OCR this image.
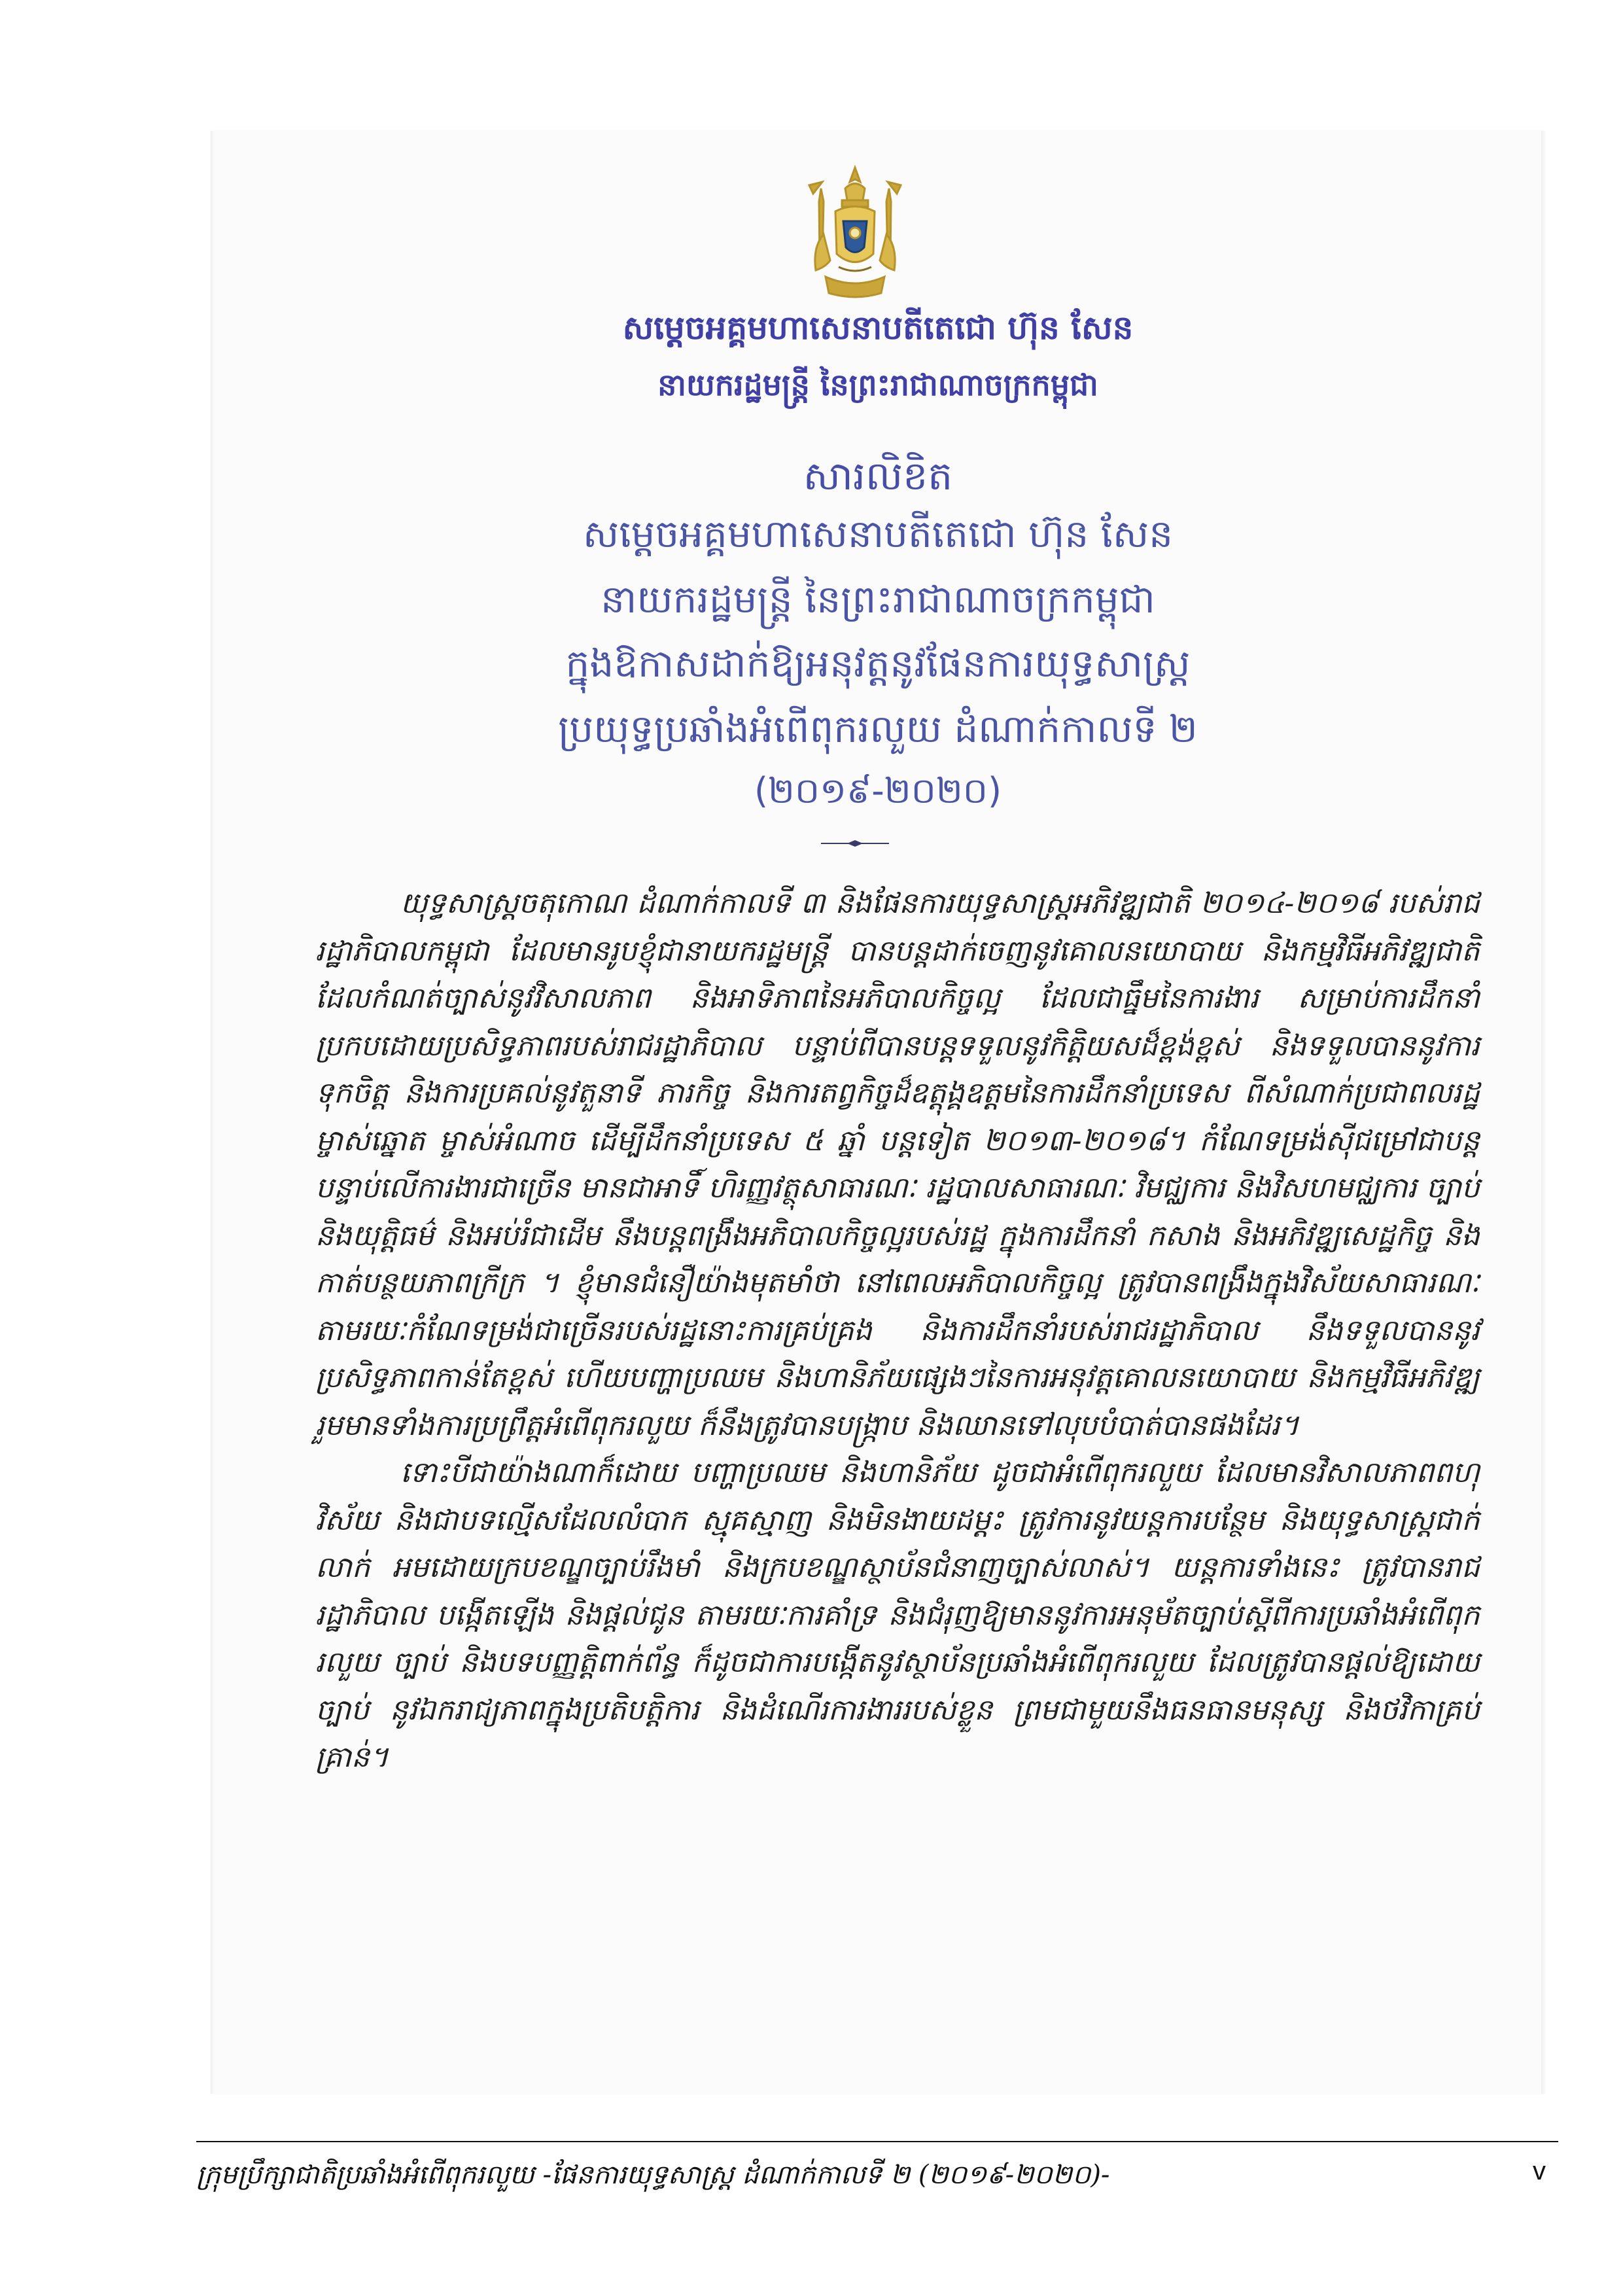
សម្តេចអគ្គមហាសេនាបតីតេជោ ហ៊ុន សែន
នាយករដ្ឋមន្ត្រី នៃព្រះរាជាណាចក្រកម្ពុជា
សារលិខិត
សម្តេចអគ្គមហាសេនាបតីតេជោ ហ៊ុន សែន
នាយករដ្ឋមន្ត្រី នៃព្រះរាជាណាចក្រកម្ពុជា
ក្នុងឱកាសដាក់ឱ្យអនុវត្តនូវផែនការយុទ្ធសាស្ត្រ
ប្រយុទ្ធប្រឆាំងអំពើពុករលួយ ដំណាក់កាលទី ២
(២០១៩-២០២០)

យុទ្ធសាស្ត្រចតុកោណ ដំណាក់កាលទី ៣ និងផែនការយុទ្ធសាស្ត្រអភិវឌ្ឍជាតិ ២០១៤-២០១៨ របស់រាជរដ្ឋាភិបាលកម្ពុជា ដែលមានរូបខ្ញុំជានាយករដ្ឋមន្ត្រី បានបន្តដាក់ចេញនូវគោលនយោបាយ និងកម្មវិធីអភិវឌ្ឍជាតិ ដែលកំណត់ច្បាស់នូវវិសាលភាព និងអាទិភាពនៃអភិបាលកិច្ចល្អ ដែលជាធ្នឹមនៃការងារ សម្រាប់ការដឹកនាំប្រកបដោយប្រសិទ្ធភាពរបស់រាជរដ្ឋាភិបាល បន្ទាប់ពីបានបន្តទទួលនូវកិត្តិយសដ៏ខ្ពង់ខ្ពស់ និងទទួលបាននូវការទុកចិត្ត និងការប្រគល់នូវតួនាទី ភារកិច្ច និងការតព្វកិច្ចដ៏ឧត្តុង្គឧត្តមនៃការដឹកនាំប្រទេស ពីសំណាក់ប្រជាពលរដ្ឋម្ចាស់ឆ្នោត ម្ចាស់អំណាច ដើម្បីដឹកនាំប្រទេស ៥ ឆ្នាំ បន្តទៀត ២០១៣-២០១៨។ កំណែទម្រង់ស៊ីជម្រៅជាបន្តបន្ទាប់លើការងារជាច្រើន មានជាអាទិ៍ ហិរញ្ញវត្ថុសាធារណៈ រដ្ឋបាលសាធារណៈ វិមជ្ឈការ និងវិសហមជ្ឈការ ច្បាប់ និងយុត្តិធម៌ និងអប់រំជាដើម នឹងបន្តពង្រឹងអភិបាលកិច្ចល្អរបស់រដ្ឋ ក្នុងការដឹកនាំ កសាង និងអភិវឌ្ឍសេដ្ឋកិច្ច និងកាត់បន្ថយភាពក្រីក្រ ។ ខ្ញុំមានជំនឿយ៉ាងមុតមាំថា នៅពេលអភិបាលកិច្ចល្អ ត្រូវបានពង្រឹងក្នុងវិស័យសាធារណៈ តាមរយៈកំណែទម្រង់ជាច្រើនរបស់រដ្ឋនោះការគ្រប់គ្រង និងការដឹកនាំរបស់រាជរដ្ឋាភិបាល នឹងទទួលបាននូវប្រសិទ្ធភាពកាន់តែខ្ពស់ ហើយបញ្ហាប្រឈម និងហានិភ័យផ្សេងៗនៃការអនុវត្តគោលនយោបាយ និងកម្មវិធីអភិវឌ្ឍ រួមមានទាំងការប្រព្រឹត្តអំពើពុករលួយ ក៏នឹងត្រូវបានបង្ក្រាប និងឈានទៅលុបបំបាត់បានផងដែរ។

ទោះបីជាយ៉ាងណាក៏ដោយ បញ្ហាប្រឈម និងហានិភ័យ ដូចជាអំពើពុករលួយ ដែលមានវិសាលភាពពហុវិស័យ និងជាបទល្មើសដែលលំបាក ស្មុគស្មាញ និងមិនងាយដម្ដះ ត្រូវការនូវយន្តការបន្ថែម និងយុទ្ធសាស្ត្រជាក់លាក់ អមដោយក្របខណ្ឌច្បាប់រឹងមាំ និងក្របខណ្ឌស្ថាប័នជំនាញច្បាស់លាស់។ យន្តការទាំងនេះ ត្រូវបានរាជរដ្ឋាភិបាល បង្កើតឡើង និងផ្ដល់ជូន តាមរយៈការគាំទ្រ និងជំរុញឱ្យមាននូវការអនុម័តច្បាប់ស្តីពីការប្រឆាំងអំពើពុករលួយ ច្បាប់ និងបទបញ្ញត្តិពាក់ព័ន្ធ ក៏ដូចជាការបង្កើតនូវស្ថាប័នប្រឆាំងអំពើពុករលួយ ដែលត្រូវបានផ្ដល់ឱ្យដោយច្បាប់ នូវឯករាជ្យភាពក្នុងប្រតិបត្តិការ និងដំណើរការងាររបស់ខ្លួន ព្រមជាមួយនឹងធនធានមនុស្ស និងថវិកាគ្រប់គ្រាន់។

ក្រុមប្រឹក្សាជាតិប្រឆាំងអំពើពុករលួយ -ផែនការយុទ្ធសាស្ត្រ ដំណាក់កាលទី ២ (២០១៩-២០២០)-	v
